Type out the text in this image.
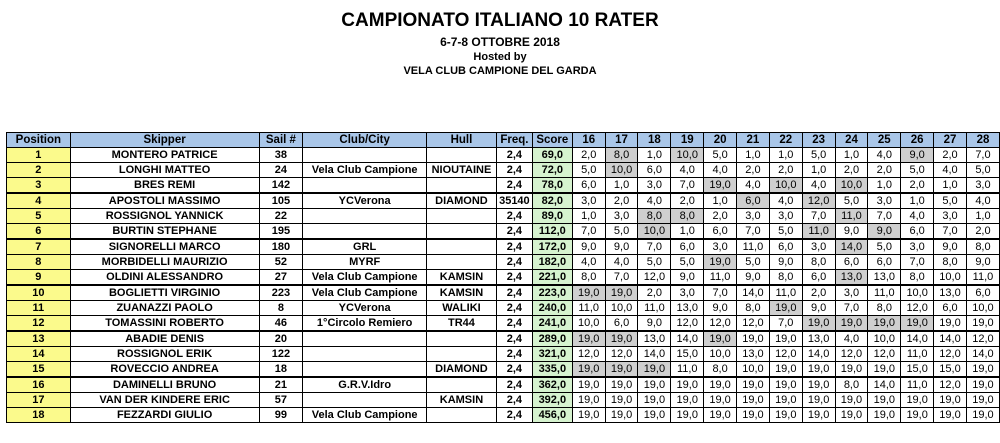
CAMPIONATO ITALIANO 10 RATER
6-7-8 OTTOBRE 2018
Hosted by
VELA CLUB CAMPIONE DEL GARDA
Position	Skipper	Sail #	Club/City	Hull	Freq.	Score	16	17	18	19	20	21	22	23	24	25	26	27	28
1	MONTERO PATRICE	38			2,4	69,0	2,0	8,0	1,0	10,0	5,0	1,0	1,0	5,0	1,0	4,0	9,0	2,0	7,0
2	LONGHI MATTEO	24	Vela Club Campione	NIOUTAINE	2,4	72,0	5,0	10,0	6,0	4,0	4,0	2,0	2,0	1,0	2,0	2,0	5,0	4,0	5,0
3	BRES REMI	142			2,4	78,0	6,0	1,0	3,0	7,0	19,0	4,0	10,0	4,0	10,0	1,0	2,0	1,0	3,0
4	APOSTOLI MASSIMO	105	YCVerona	DIAMOND	35140	82,0	3,0	2,0	4,0	2,0	1,0	6,0	4,0	12,0	5,0	3,0	1,0	5,0	4,0
5	ROSSIGNOL YANNICK	22			2,4	89,0	1,0	3,0	8,0	8,0	2,0	3,0	3,0	7,0	11,0	7,0	4,0	3,0	1,0
6	BURTIN STEPHANE	195			2,4	112,0	7,0	5,0	10,0	1,0	6,0	7,0	5,0	11,0	9,0	9,0	6,0	7,0	2,0
7	SIGNORELLI MARCO	180	GRL		2,4	172,0	9,0	9,0	7,0	6,0	3,0	11,0	6,0	3,0	14,0	5,0	3,0	9,0	8,0
8	MORBIDELLI MAURIZIO	52	MYRF		2,4	182,0	4,0	4,0	5,0	5,0	19,0	5,0	9,0	8,0	6,0	6,0	7,0	8,0	9,0
9	OLDINI ALESSANDRO	27	Vela Club Campione	KAMSIN	2,4	221,0	8,0	7,0	12,0	9,0	11,0	9,0	8,0	6,0	13,0	13,0	8,0	10,0	11,0
10	BOGLIETTI VIRGINIO	223	Vela Club Campione	KAMSIN	2,4	223,0	19,0	19,0	2,0	3,0	7,0	14,0	11,0	2,0	3,0	11,0	10,0	13,0	6,0
11	ZUANAZZI PAOLO	8	YCVerona	WALIKI	2,4	240,0	11,0	10,0	11,0	13,0	9,0	8,0	19,0	9,0	7,0	8,0	12,0	6,0	10,0
12	TOMASSINI ROBERTO	46	1°Circolo Remiero	TR44	2,4	241,0	10,0	6,0	9,0	12,0	12,0	12,0	7,0	19,0	19,0	19,0	19,0	19,0	19,0
13	ABADIE DENIS	20			2,4	289,0	19,0	19,0	13,0	14,0	19,0	19,0	19,0	13,0	4,0	10,0	14,0	14,0	12,0
14	ROSSIGNOL ERIK	122			2,4	321,0	12,0	12,0	14,0	15,0	10,0	13,0	12,0	14,0	12,0	12,0	11,0	12,0	14,0
15	ROVECCIO ANDREA	18		DIAMOND	2,4	335,0	19,0	19,0	19,0	11,0	8,0	10,0	19,0	19,0	19,0	19,0	15,0	15,0	19,0
16	DAMINELLI BRUNO	21	G.R.V.Idro		2,4	362,0	19,0	19,0	19,0	19,0	19,0	19,0	19,0	19,0	8,0	14,0	11,0	12,0	19,0
17	VAN DER KINDERE ERIC	57		KAMSIN	2,4	392,0	19,0	19,0	19,0	19,0	19,0	19,0	19,0	19,0	19,0	19,0	19,0	19,0	19,0
18	FEZZARDI GIULIO	99	Vela Club Campione		2,4	456,0	19,0	19,0	19,0	19,0	19,0	19,0	19,0	19,0	19,0	19,0	19,0	19,0	19,0
